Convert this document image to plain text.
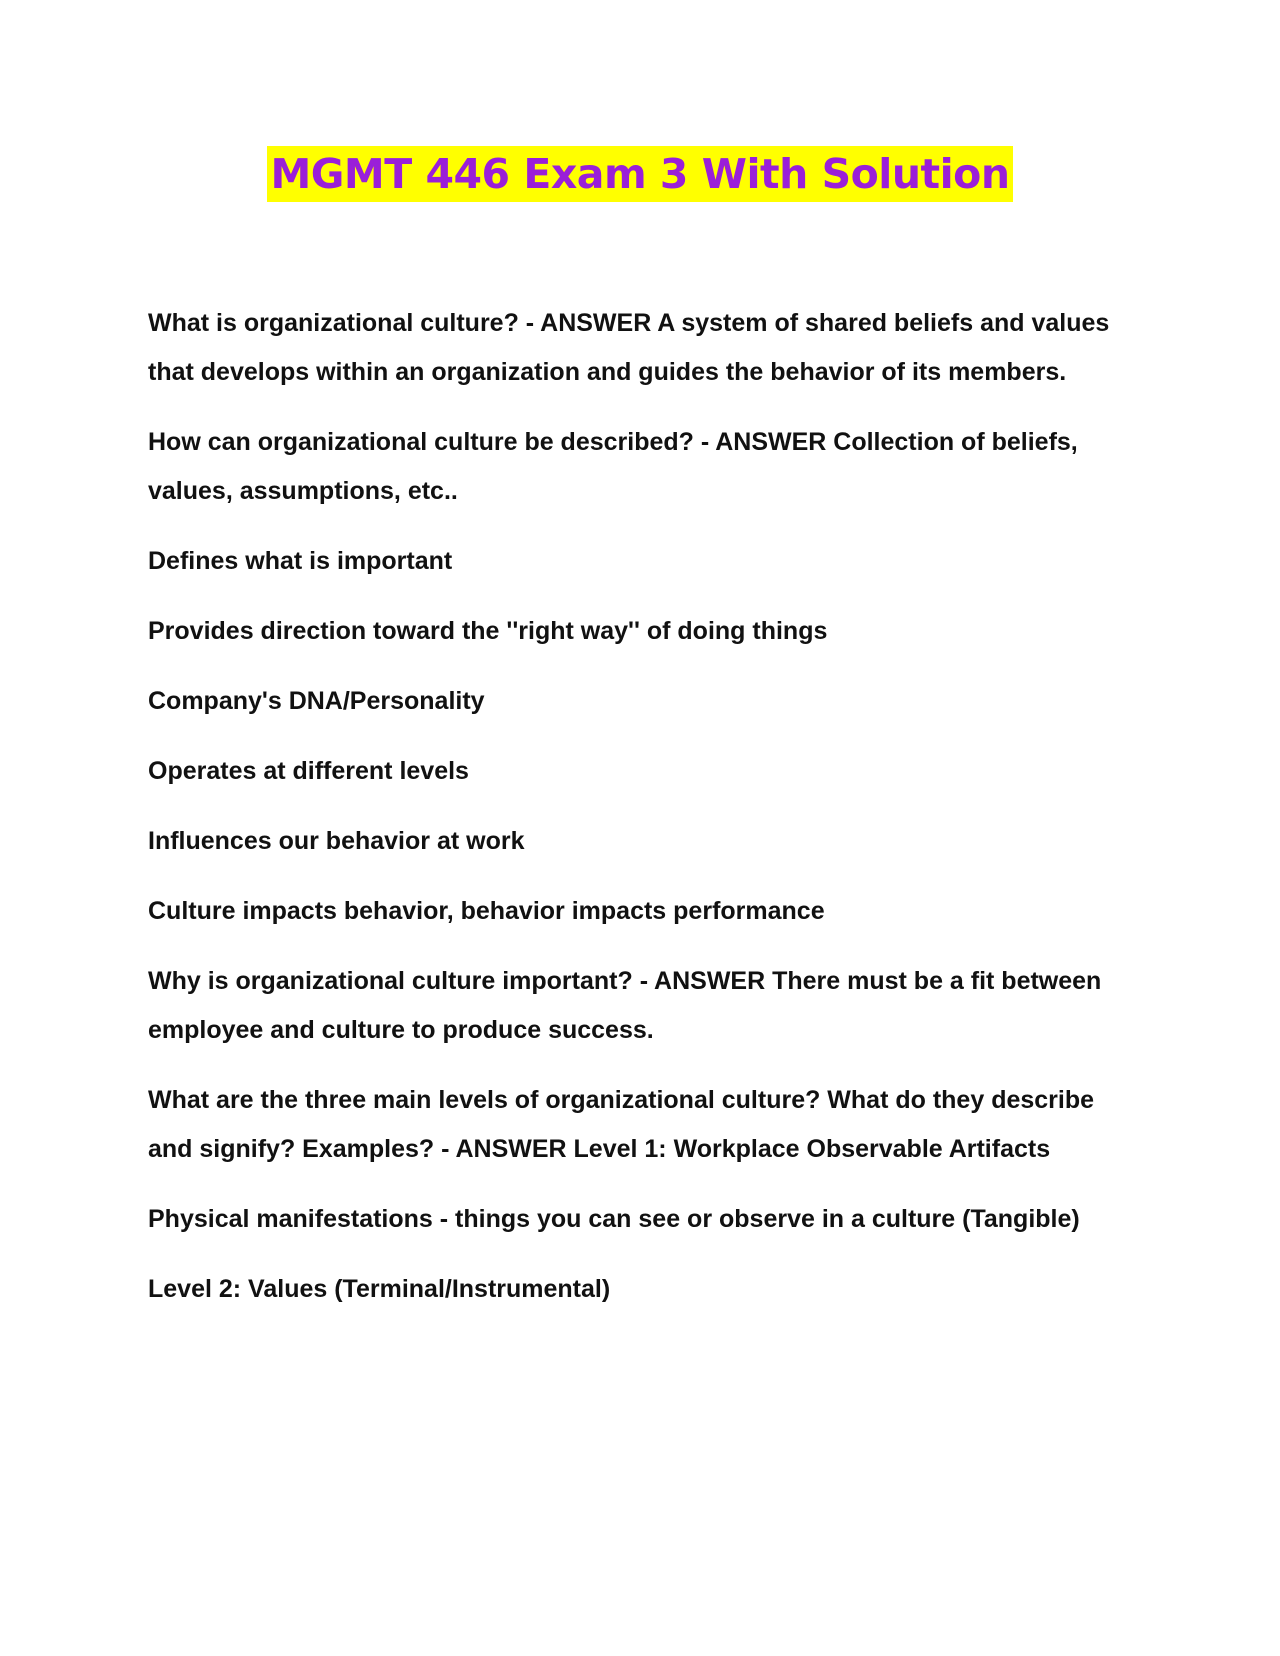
MGMT 446 Exam 3 With Solution

What is organizational culture? - ANSWER A system of shared beliefs and values that develops within an organization and guides the behavior of its members.

How can organizational culture be described? - ANSWER Collection of beliefs, values, assumptions, etc..

Defines what is important

Provides direction toward the ''right way'' of doing things

Company's DNA/Personality

Operates at different levels

Influences our behavior at work

Culture impacts behavior, behavior impacts performance

Why is organizational culture important? - ANSWER There must be a fit between employee and culture to produce success.

What are the three main levels of organizational culture? What do they describe and signify? Examples? - ANSWER Level 1: Workplace Observable Artifacts

Physical manifestations - things you can see or observe in a culture (Tangible)

Level 2: Values (Terminal/Instrumental)
